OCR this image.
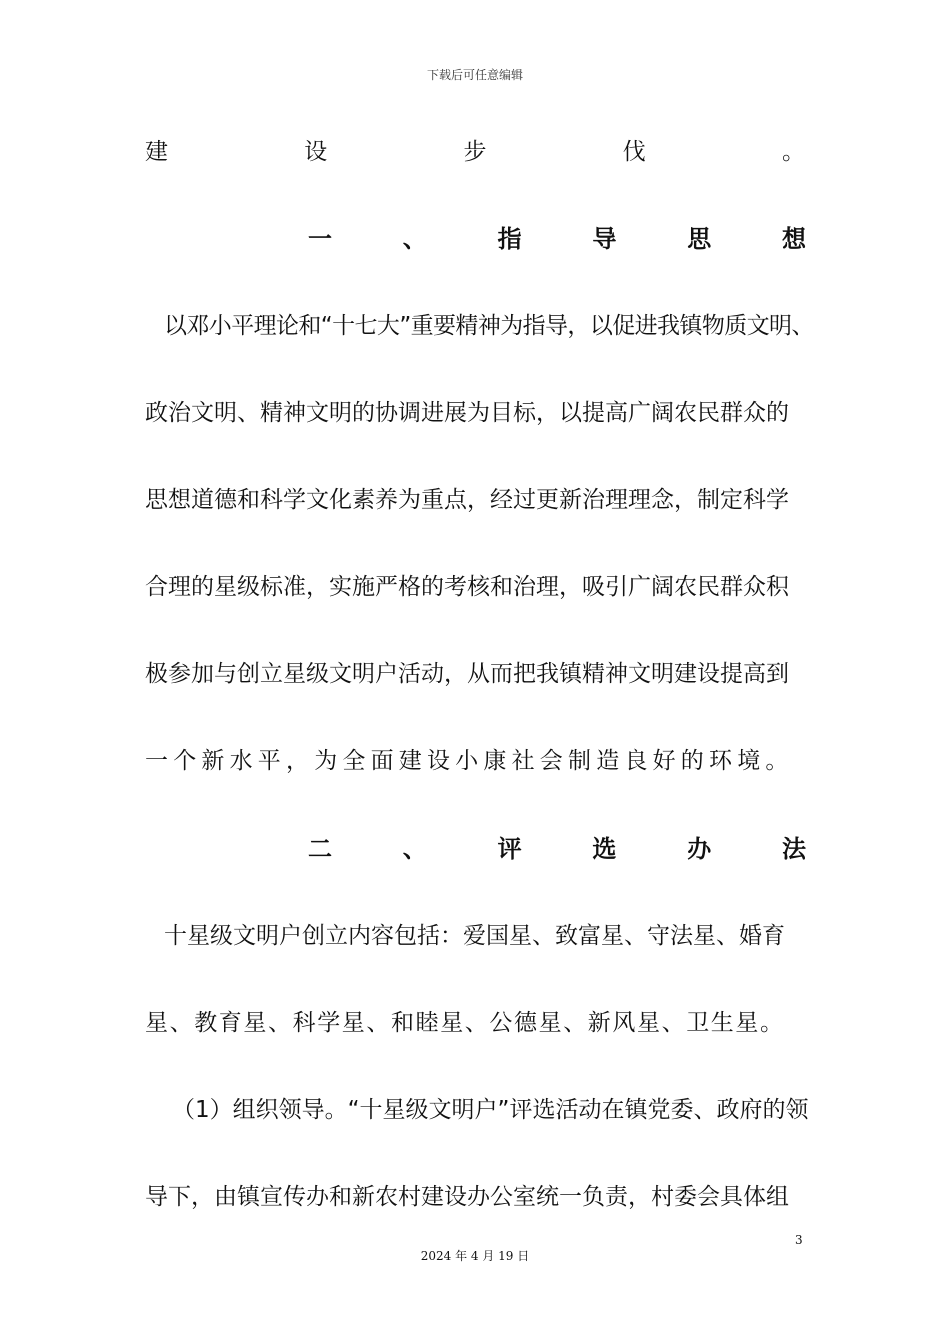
下载后可任意编辑
建	设	步	伐	。
一	、	指	导	思	想
以邓小平理论和“十七大”重要精神为指导，以促进我镇物质文明、
政治文明、精神文明的协调进展为目标，以提高广阔农民群众的
思想道德和科学文化素养为重点，经过更新治理理念，制定科学
合理的星级标准，实施严格的考核和治理，吸引广阔农民群众积
极参加与创立星级文明户活动，从而把我镇精神文明建设提高到
一个新水平，为全面建设小康社会制造良好的环境。
二	、	评	选	办	法
十星级文明户创立内容包括：爱国星、致富星、守法星、婚育
星、教育星、科学星、和睦星、公德星、新风星、卫生星。
（1）组织领导。“十星级文明户”评选活动在镇党委、政府的领
导下，由镇宣传办和新农村建设办公室统一负责，村委会具体组
3
2024 年 4 月 19 日
